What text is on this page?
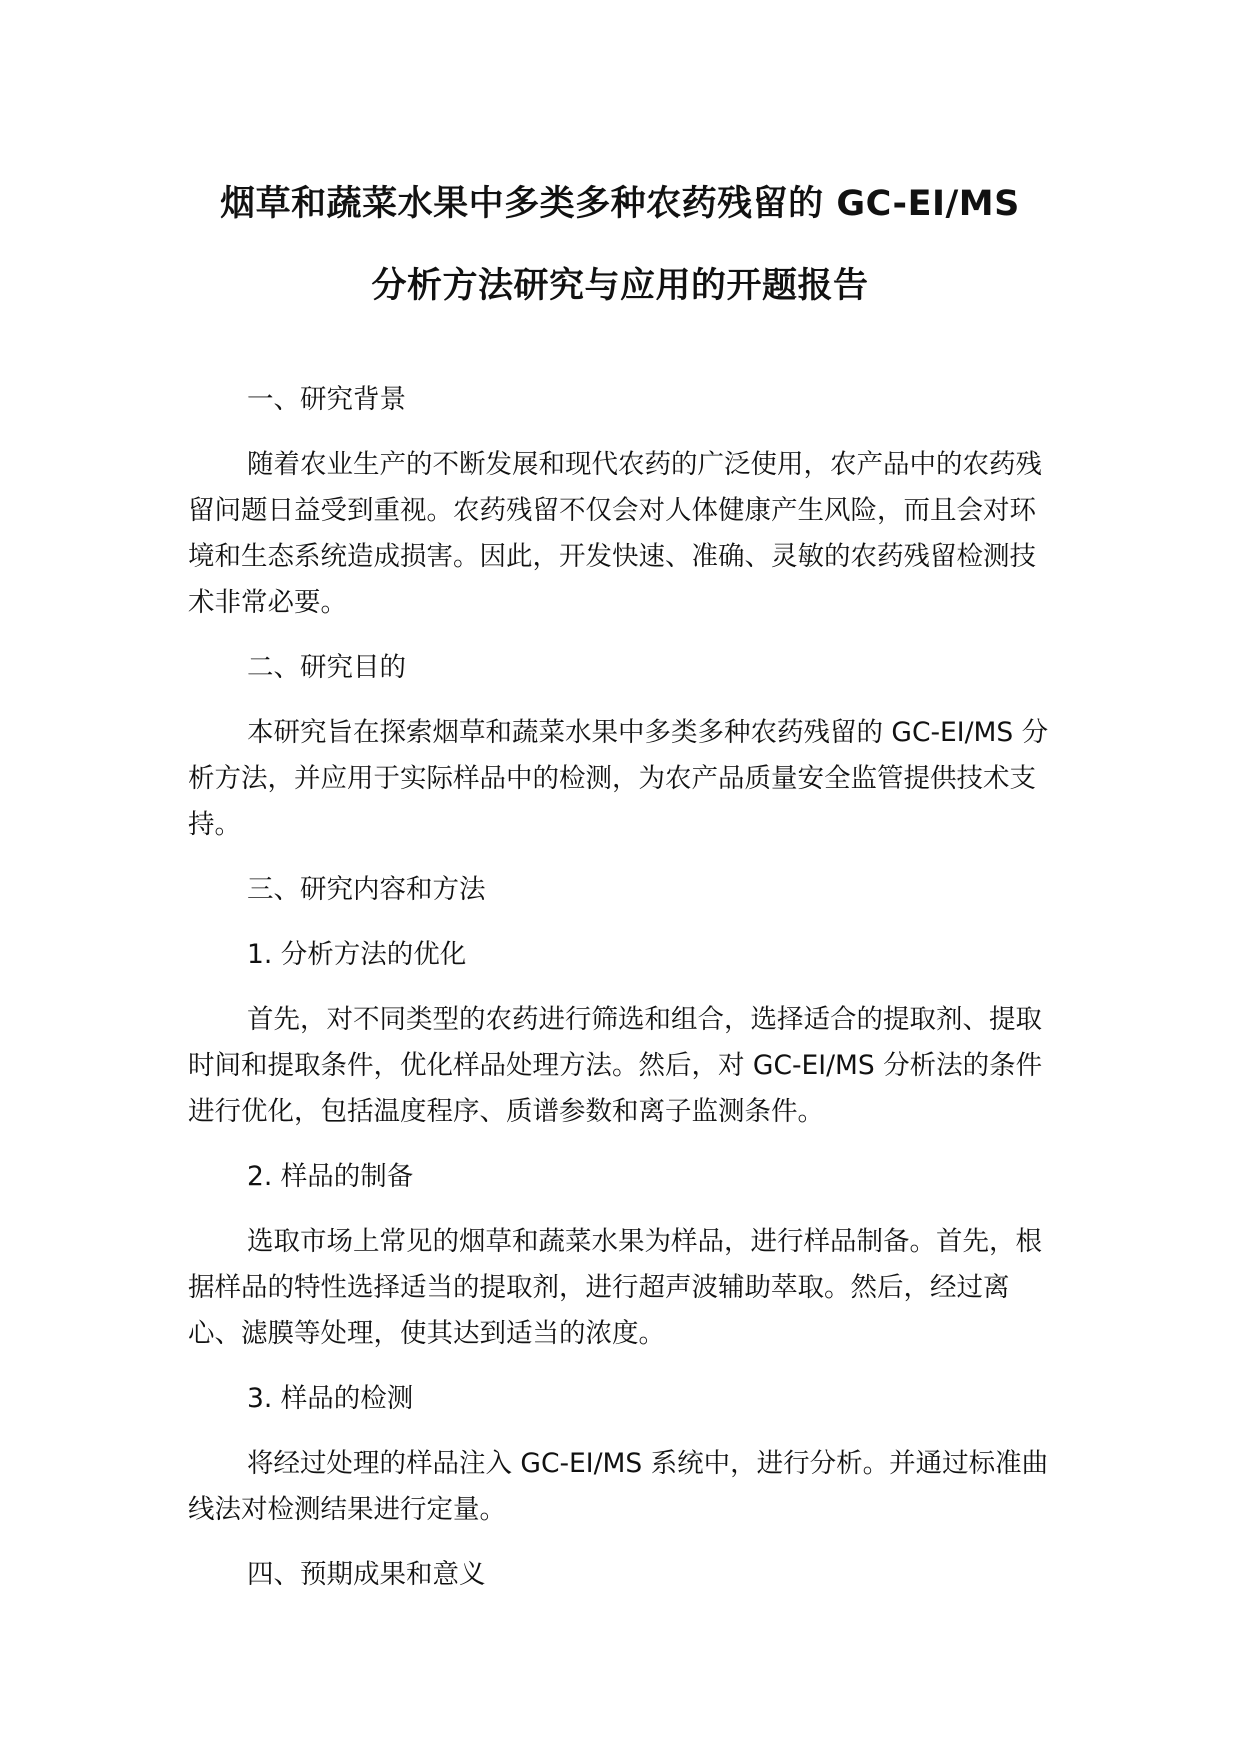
烟草和蔬菜水果中多类多种农药残留的 GC-EI/MS
分析方法研究与应用的开题报告

一、研究背景

随着农业生产的不断发展和现代农药的广泛使用，农产品中的农药残留问题日益受到重视。农药残留不仅会对人体健康产生风险，而且会对环境和生态系统造成损害。因此，开发快速、准确、灵敏的农药残留检测技术非常必要。

二、研究目的

本研究旨在探索烟草和蔬菜水果中多类多种农药残留的 GC-EI/MS 分析方法，并应用于实际样品中的检测，为农产品质量安全监管提供技术支持。

三、研究内容和方法

1. 分析方法的优化

首先，对不同类型的农药进行筛选和组合，选择适合的提取剂、提取时间和提取条件，优化样品处理方法。然后，对 GC-EI/MS 分析法的条件进行优化，包括温度程序、质谱参数和离子监测条件。

2. 样品的制备

选取市场上常见的烟草和蔬菜水果为样品，进行样品制备。首先，根据样品的特性选择适当的提取剂，进行超声波辅助萃取。然后，经过离心、滤膜等处理，使其达到适当的浓度。

3. 样品的检测

将经过处理的样品注入 GC-EI/MS 系统中，进行分析。并通过标准曲线法对检测结果进行定量。

四、预期成果和意义
